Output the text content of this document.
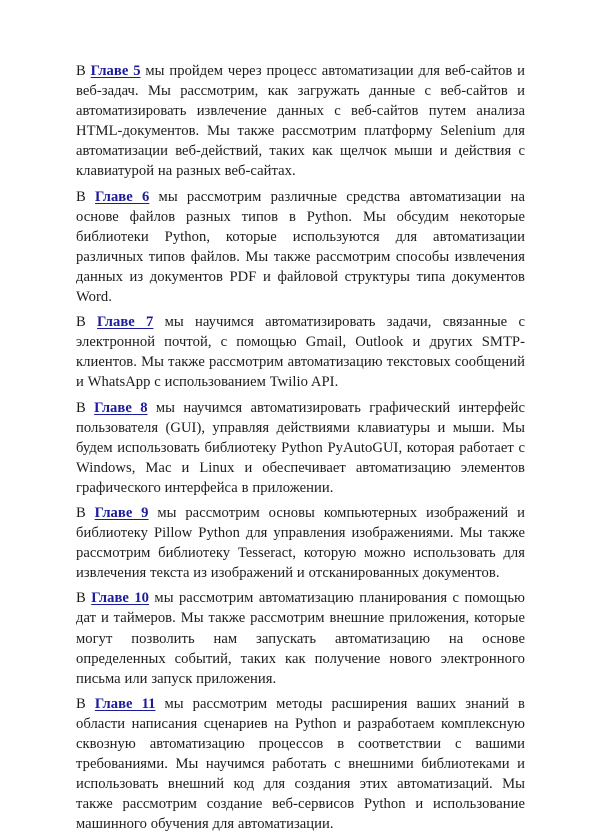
В Главе 5 мы пройдем через процесс автоматизации для веб-сайтов и веб-задач. Мы рассмотрим, как загружать данные с веб-сайтов и автоматизировать извлечение данных с веб-сайтов путем анализа HTML-документов. Мы также рассмотрим платформу Selenium для автоматизации веб-действий, таких как щелчок мыши и действия с клавиатурой на разных веб-сайтах.

В Главе 6 мы рассмотрим различные средства автоматизации на основе файлов разных типов в Python. Мы обсудим некоторые библиотеки Python, которые используются для автоматизации различных типов файлов. Мы также рассмотрим способы извлечения данных из документов PDF и файловой структуры типа документов Word.

В Главе 7 мы научимся автоматизировать задачи, связанные с электронной почтой, с помощью Gmail, Outlook и других SMTP-клиентов. Мы также рассмотрим автоматизацию текстовых сообщений и WhatsApp с использованием Twilio API.

В Главе 8 мы научимся автоматизировать графический интерфейс пользователя (GUI), управляя действиями клавиатуры и мыши. Мы будем использовать библиотеку Python PyAutoGUI, которая работает с Windows, Mac и Linux и обеспечивает автоматизацию элементов графического интерфейса в приложении.

В Главе 9 мы рассмотрим основы компьютерных изображений и библиотеку Pillow Python для управления изображениями. Мы также рассмотрим библиотеку Tesseract, которую можно использовать для извлечения текста из изображений и отсканированных документов.

В Главе 10 мы рассмотрим автоматизацию планирования с помощью дат и таймеров. Мы также рассмотрим внешние приложения, которые могут позволить нам запускать автоматизацию на основе определенных событий, таких как получение нового электронного письма или запуск приложения.

В Главе 11 мы рассмотрим методы расширения ваших знаний в области написания сценариев на Python и разработаем комплексную сквозную автоматизацию процессов в соответствии с вашими требованиями. Мы научимся работать с внешними библиотеками и использовать внешний код для создания этих автоматизаций. Мы также рассмотрим создание веб-сервисов Python и использование машинного обучения для автоматизации.
